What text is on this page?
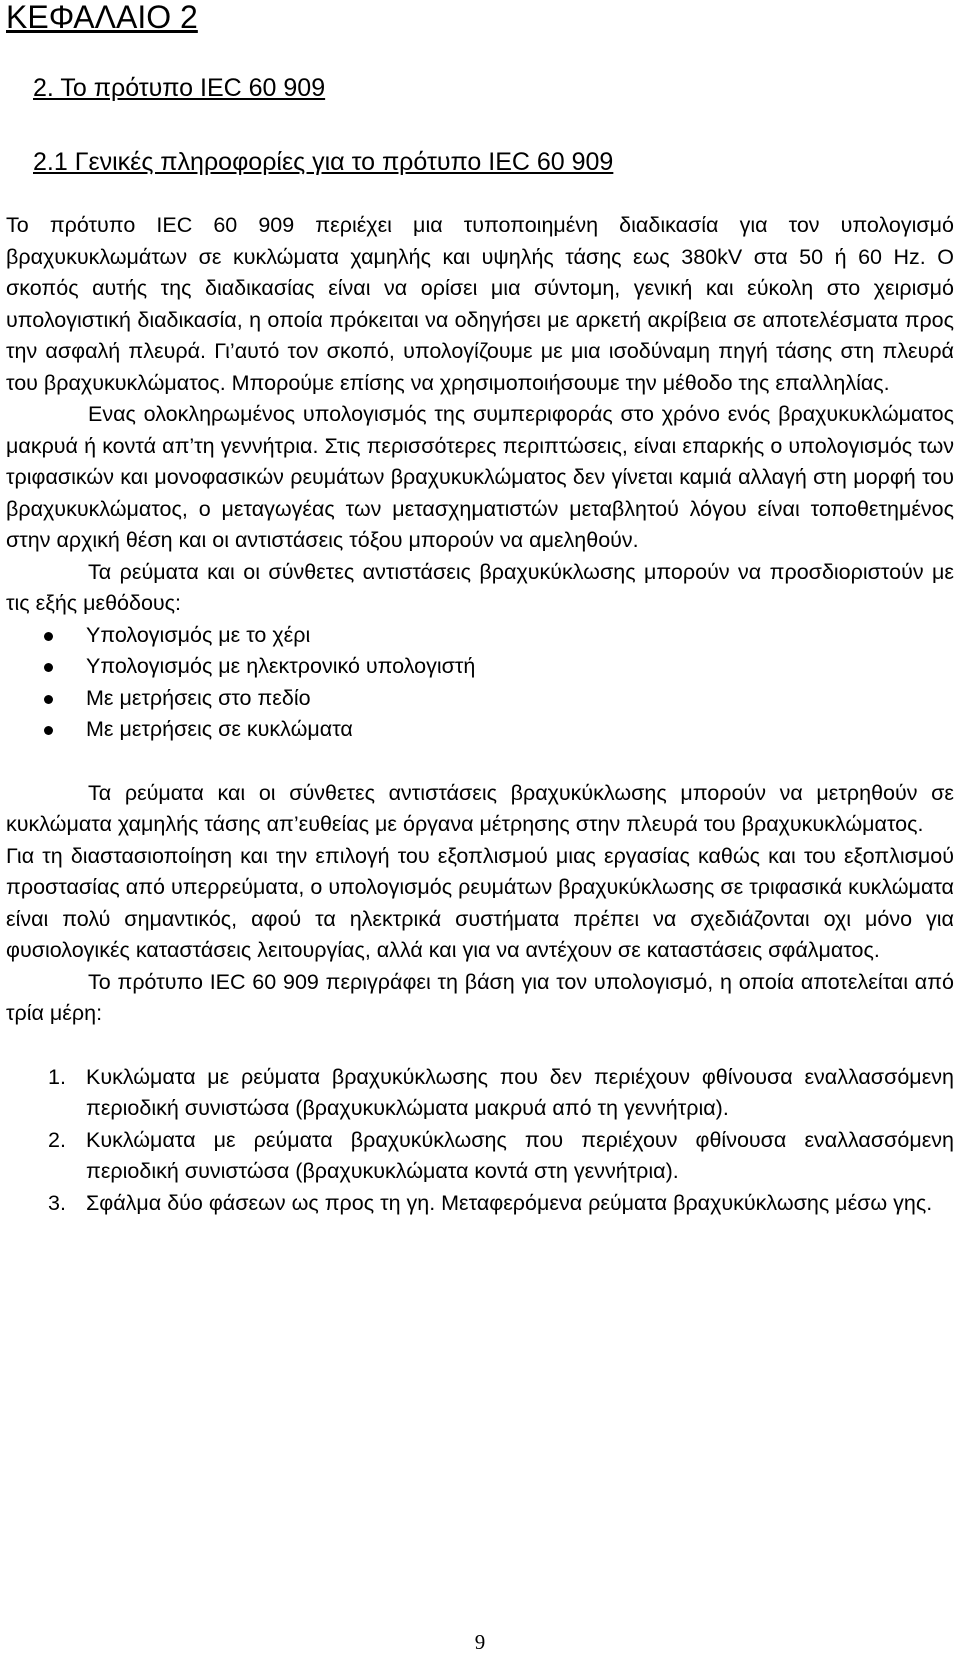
ΚΕΦΑΛΑΙΟ 2
2. Το πρότυπο IEC 60 909
2.1 Γενικές πληροφορίες για το πρότυπο IEC 60 909

Το πρότυπο IEC 60 909 περιέχει μια τυποποιημένη διαδικασία για τον υπολογισμό βραχυκυκλωμάτων σε κυκλώματα χαμηλής και υψηλής τάσης εως 380kV στα 50 ή 60 Hz. Ο σκοπός αυτής της διαδικασίας είναι να ορίσει μια σύντομη, γενική και εύκολη στο χειρισμό υπολογιστική διαδικασία, η οποία πρόκειται να οδηγήσει με αρκετή ακρίβεια σε αποτελέσματα προς την ασφαλή πλευρά. Γι’αυτό τον σκοπό, υπολογίζουμε με μια ισοδύναμη πηγή τάσης στη πλευρά του βραχυκυκλώματος. Μπορούμε επίσης να χρησιμοποιήσουμε την μέθοδο της επαλληλίας.

Ενας ολοκληρωμένος υπολογισμός της συμπεριφοράς στο χρόνο ενός βραχυκυκλώματος μακρυά ή κοντά απ’τη γεννήτρια. Στις περισσότερες περιπτώσεις, είναι επαρκής ο υπολογισμός των τριφασικών και μονοφασικών ρευμάτων βραχυκυκλώματος δεν γίνεται καμιά αλλαγή στη μορφή του βραχυκυκλώματος, ο μεταγωγέας των μετασχηματιστών μεταβλητού λόγου είναι τοποθετημένος στην αρχική θέση και οι αντιστάσεις τόξου μπορούν να αμεληθούν.

Τα ρεύματα και οι σύνθετες αντιστάσεις βραχυκύκλωσης μπορούν να προσδιοριστούν με τις εξής μεθόδους:

Υπολογισμός με το χέρι
Υπολογισμός με ηλεκτρονικό υπολογιστή
Με μετρήσεις στο πεδίο
Με μετρήσεις σε κυκλώματα

Τα ρεύματα και οι σύνθετες αντιστάσεις βραχυκύκλωσης μπορούν να μετρηθούν σε κυκλώματα χαμηλής τάσης απ’ευθείας με όργανα μέτρησης στην πλευρά του βραχυκυκλώματος.

Για τη διαστασιοποίηση και την επιλογή του εξοπλισμού μιας εργασίας καθώς και του εξοπλισμού προστασίας από υπερρεύματα, ο υπολογισμός ρευμάτων βραχυκύκλωσης σε τριφασικά κυκλώματα είναι πολύ σημαντικός, αφού τα ηλεκτρικά συστήματα πρέπει να σχεδιάζονται οχι μόνο για φυσιολογικές καταστάσεις λειτουργίας, αλλά και για να αντέχουν σε καταστάσεις σφάλματος.

Το πρότυπο IEC 60 909 περιγράφει τη βάση για τον υπολογισμό, η οποία αποτελείται από τρία μέρη:

1. Κυκλώματα με ρεύματα βραχυκύκλωσης που δεν περιέχουν φθίνουσα εναλλασσόμενη περιοδική συνιστώσα (βραχυκυκλώματα μακρυά από τη γεννήτρια).
2. Κυκλώματα με ρεύματα βραχυκύκλωσης που περιέχουν φθίνουσα εναλλασσόμενη περιοδική συνιστώσα (βραχυκυκλώματα κοντά στη γεννήτρια).
3. Σφάλμα δύο φάσεων ως προς τη γη. Μεταφερόμενα ρεύματα βραχυκύκλωσης μέσω γης.
9
